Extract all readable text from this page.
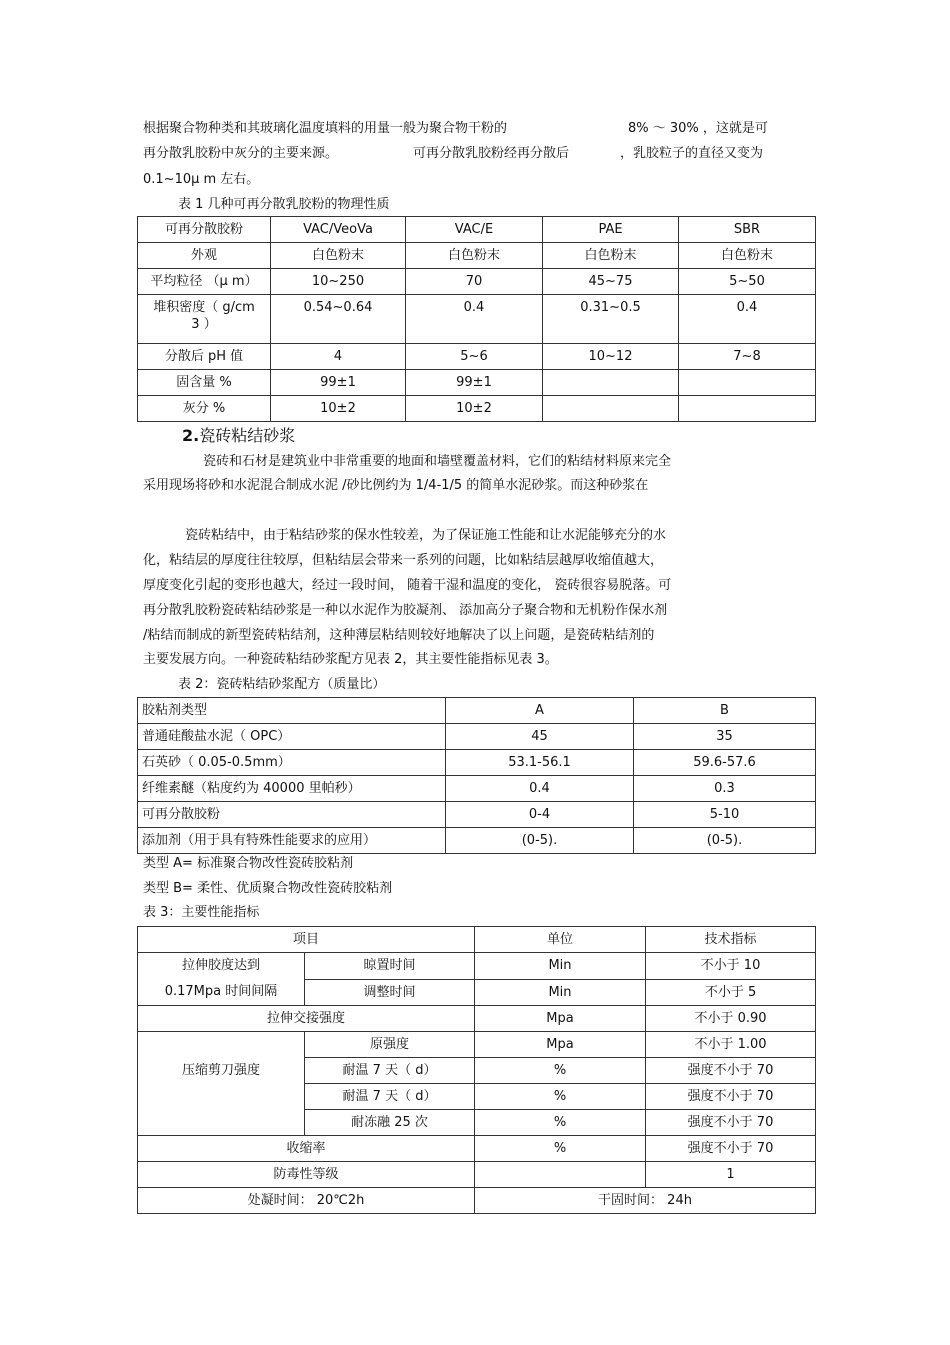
根据聚合物种类和其玻璃化温度填料的用量一般为聚合物干粉的	8% ～ 30% ，这就是可
再分散乳胶粉中灰分的主要来源。	可再分散乳胶粉经再分散后	，乳胶粒子的直径又变为
0.1~10μ m 左右。
表 1 几种可再分散乳胶粉的物理性质
可再分散胶粉	VAC/VeoVa	VAC/E	PAE	SBR
外观	白色粉末	白色粉末	白色粉末	白色粉末
平均粒径 （μ m）	10~250	70	45~75	5~50
堆积密度（ g/cm 3 ）	0.54~0.64	0.4	0.31~0.5	0.4
分散后 pH 值	4	5~6	10~12	7~8
固含量 %	99±1	99±1		
灰分 %	10±2	10±2		
2.瓷砖粘结砂浆
瓷砖和石材是建筑业中非常重要的地面和墙壁覆盖材料，它们的粘结材料原来完全
采用现场将砂和水泥混合制成水泥 /砂比例约为 1/4-1/5 的简单水泥砂浆。而这种砂浆在
瓷砖粘结中，由于粘结砂浆的保水性较差，为了保证施工性能和让水泥能够充分的水
化，粘结层的厚度往往较厚，但粘结层会带来一系列的问题，比如粘结层越厚收缩值越大，
厚度变化引起的变形也越大，经过一段时间， 随着干湿和温度的变化， 瓷砖很容易脱落。可
再分散乳胶粉瓷砖粘结砂浆是一种以水泥作为胶凝剂、 添加高分子聚合物和无机粉作保水剂
/粘结而制成的新型瓷砖粘结剂，这种薄层粘结则较好地解决了以上问题，是瓷砖粘结剂的
主要发展方向。一种瓷砖粘结砂浆配方见表 2，其主要性能指标见表 3。
表 2：瓷砖粘结砂浆配方（质量比）
胶粘剂类型	A	B
普通硅酸盐水泥（ OPC）	45	35
石英砂（ 0.05-0.5mm）	53.1-56.1	59.6-57.6
纤维素醚（粘度约为 40000 里帕秒）	0.4	0.3
可再分散胶粉	0-4	5-10
添加剂（用于具有特殊性能要求的应用）	(0-5).	(0-5).
类型 A= 标准聚合物改性瓷砖胶粘剂
类型 B= 柔性、优质聚合物改性瓷砖胶粘剂
表 3：主要性能指标
项目		单位	技术指标

拉伸胶度达到
0.17Mpa 时间间隔	晾置时间	Min	不小于 10
	调整时间	Min	不小于 5
拉伸交接强度		Mpa	不小于 0.90
压缩剪刀强度	原强度	Mpa	不小于 1.00
	耐温 7 天（ d）	%	强度不小于 70
	耐温 7 天（ d）	%	强度不小于 70
	耐冻融 25 次	%	强度不小于 70
收缩率		%	强度不小于 70
防毒性等级			1
处凝时间： 20℃2h		干固时间： 24h	
